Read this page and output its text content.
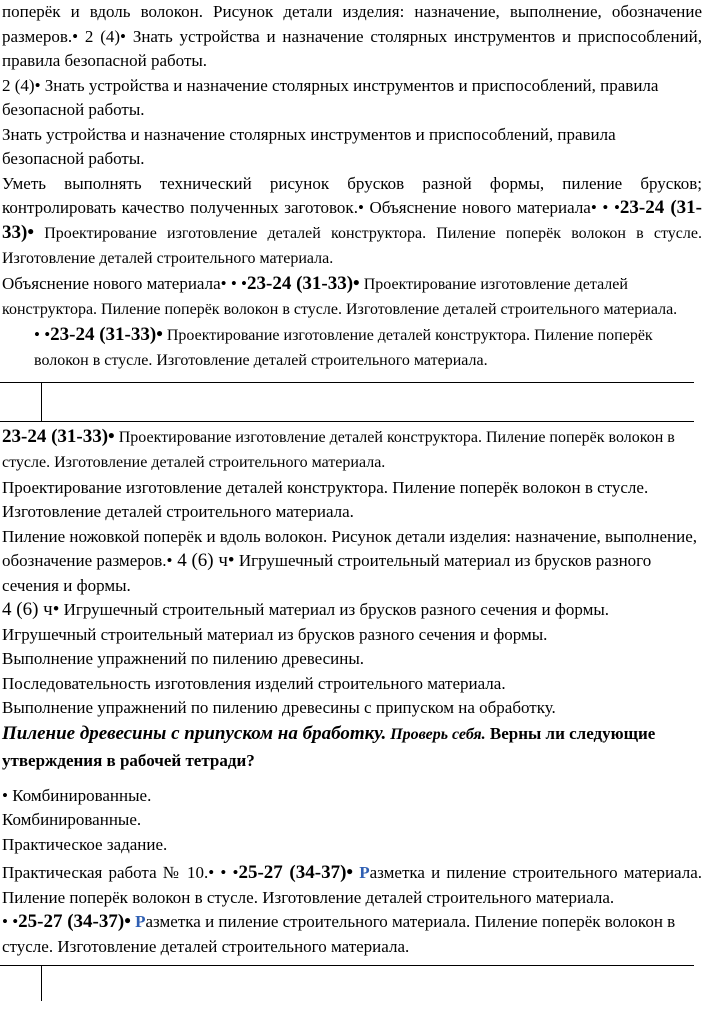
поперёк и вдоль волокон. Рисунок детали изделия: назначение, выполнение, обозначение размеров.• 2 (4)• Знать устройства и назначение столярных инструментов и приспособлений, правила безопасной работы.

2 (4)• Знать устройства и назначение столярных инструментов и приспособлений, правила безопасной работы.

Знать устройства и назначение столярных инструментов и приспособлений, правила безопасной работы.

Уметь выполнять технический рисунок брусков разной формы, пиление брусков; контролировать качество полученных заготовок.• Объяснение нового материала• • •23-24 (31-33)• Проектирование изготовление деталей конструктора. Пиление поперёк волокон в стусле. Изготовление деталей строительного материала.

Объяснение нового материала• • •23-24 (31-33)• Проектирование изготовление деталей конструктора. Пиление поперёк волокон в стусле. Изготовление деталей строительного материала.

• •23-24 (31-33)• Проектирование изготовление деталей конструктора. Пиление поперёк волокон в стусле. Изготовление деталей строительного материала.

23-24 (31-33)• Проектирование изготовление деталей конструктора. Пиление поперёк волокон в стусле. Изготовление деталей строительного материала.

Проектирование изготовление деталей конструктора. Пиление поперёк волокон в стусле. Изготовление деталей строительного материала.

Пиление ножовкой поперёк и вдоль волокон. Рисунок детали изделия: назначение, выполнение, обозначение размеров.• 4 (6) ч• Игрушечный строительный материал из брусков разного сечения и формы.

4 (6) ч• Игрушечный строительный материал из брусков разного сечения и формы.

Игрушечный строительный материал из брусков разного сечения и формы.

Выполнение упражнений по пилению древесины.

Последовательность изготовления изделий строительного материала.

Выполнение упражнений по пилению древесины с припуском на обработку.

Пиление древесины с припуском на бработку. Проверь себя. Верны ли следующие утверждения в рабочей тетради?

• Комбинированные.

Комбинированные.

Практическое задание.

Практическая работа № 10.• • •25-27 (34-37)• Разметка и пиление строительного материала. Пиление поперёк волокон в стусле. Изготовление деталей строительного материала.

• •25-27 (34-37)• Разметка и пиление строительного материала. Пиление поперёк волокон в стусле. Изготовление деталей строительного материала.
